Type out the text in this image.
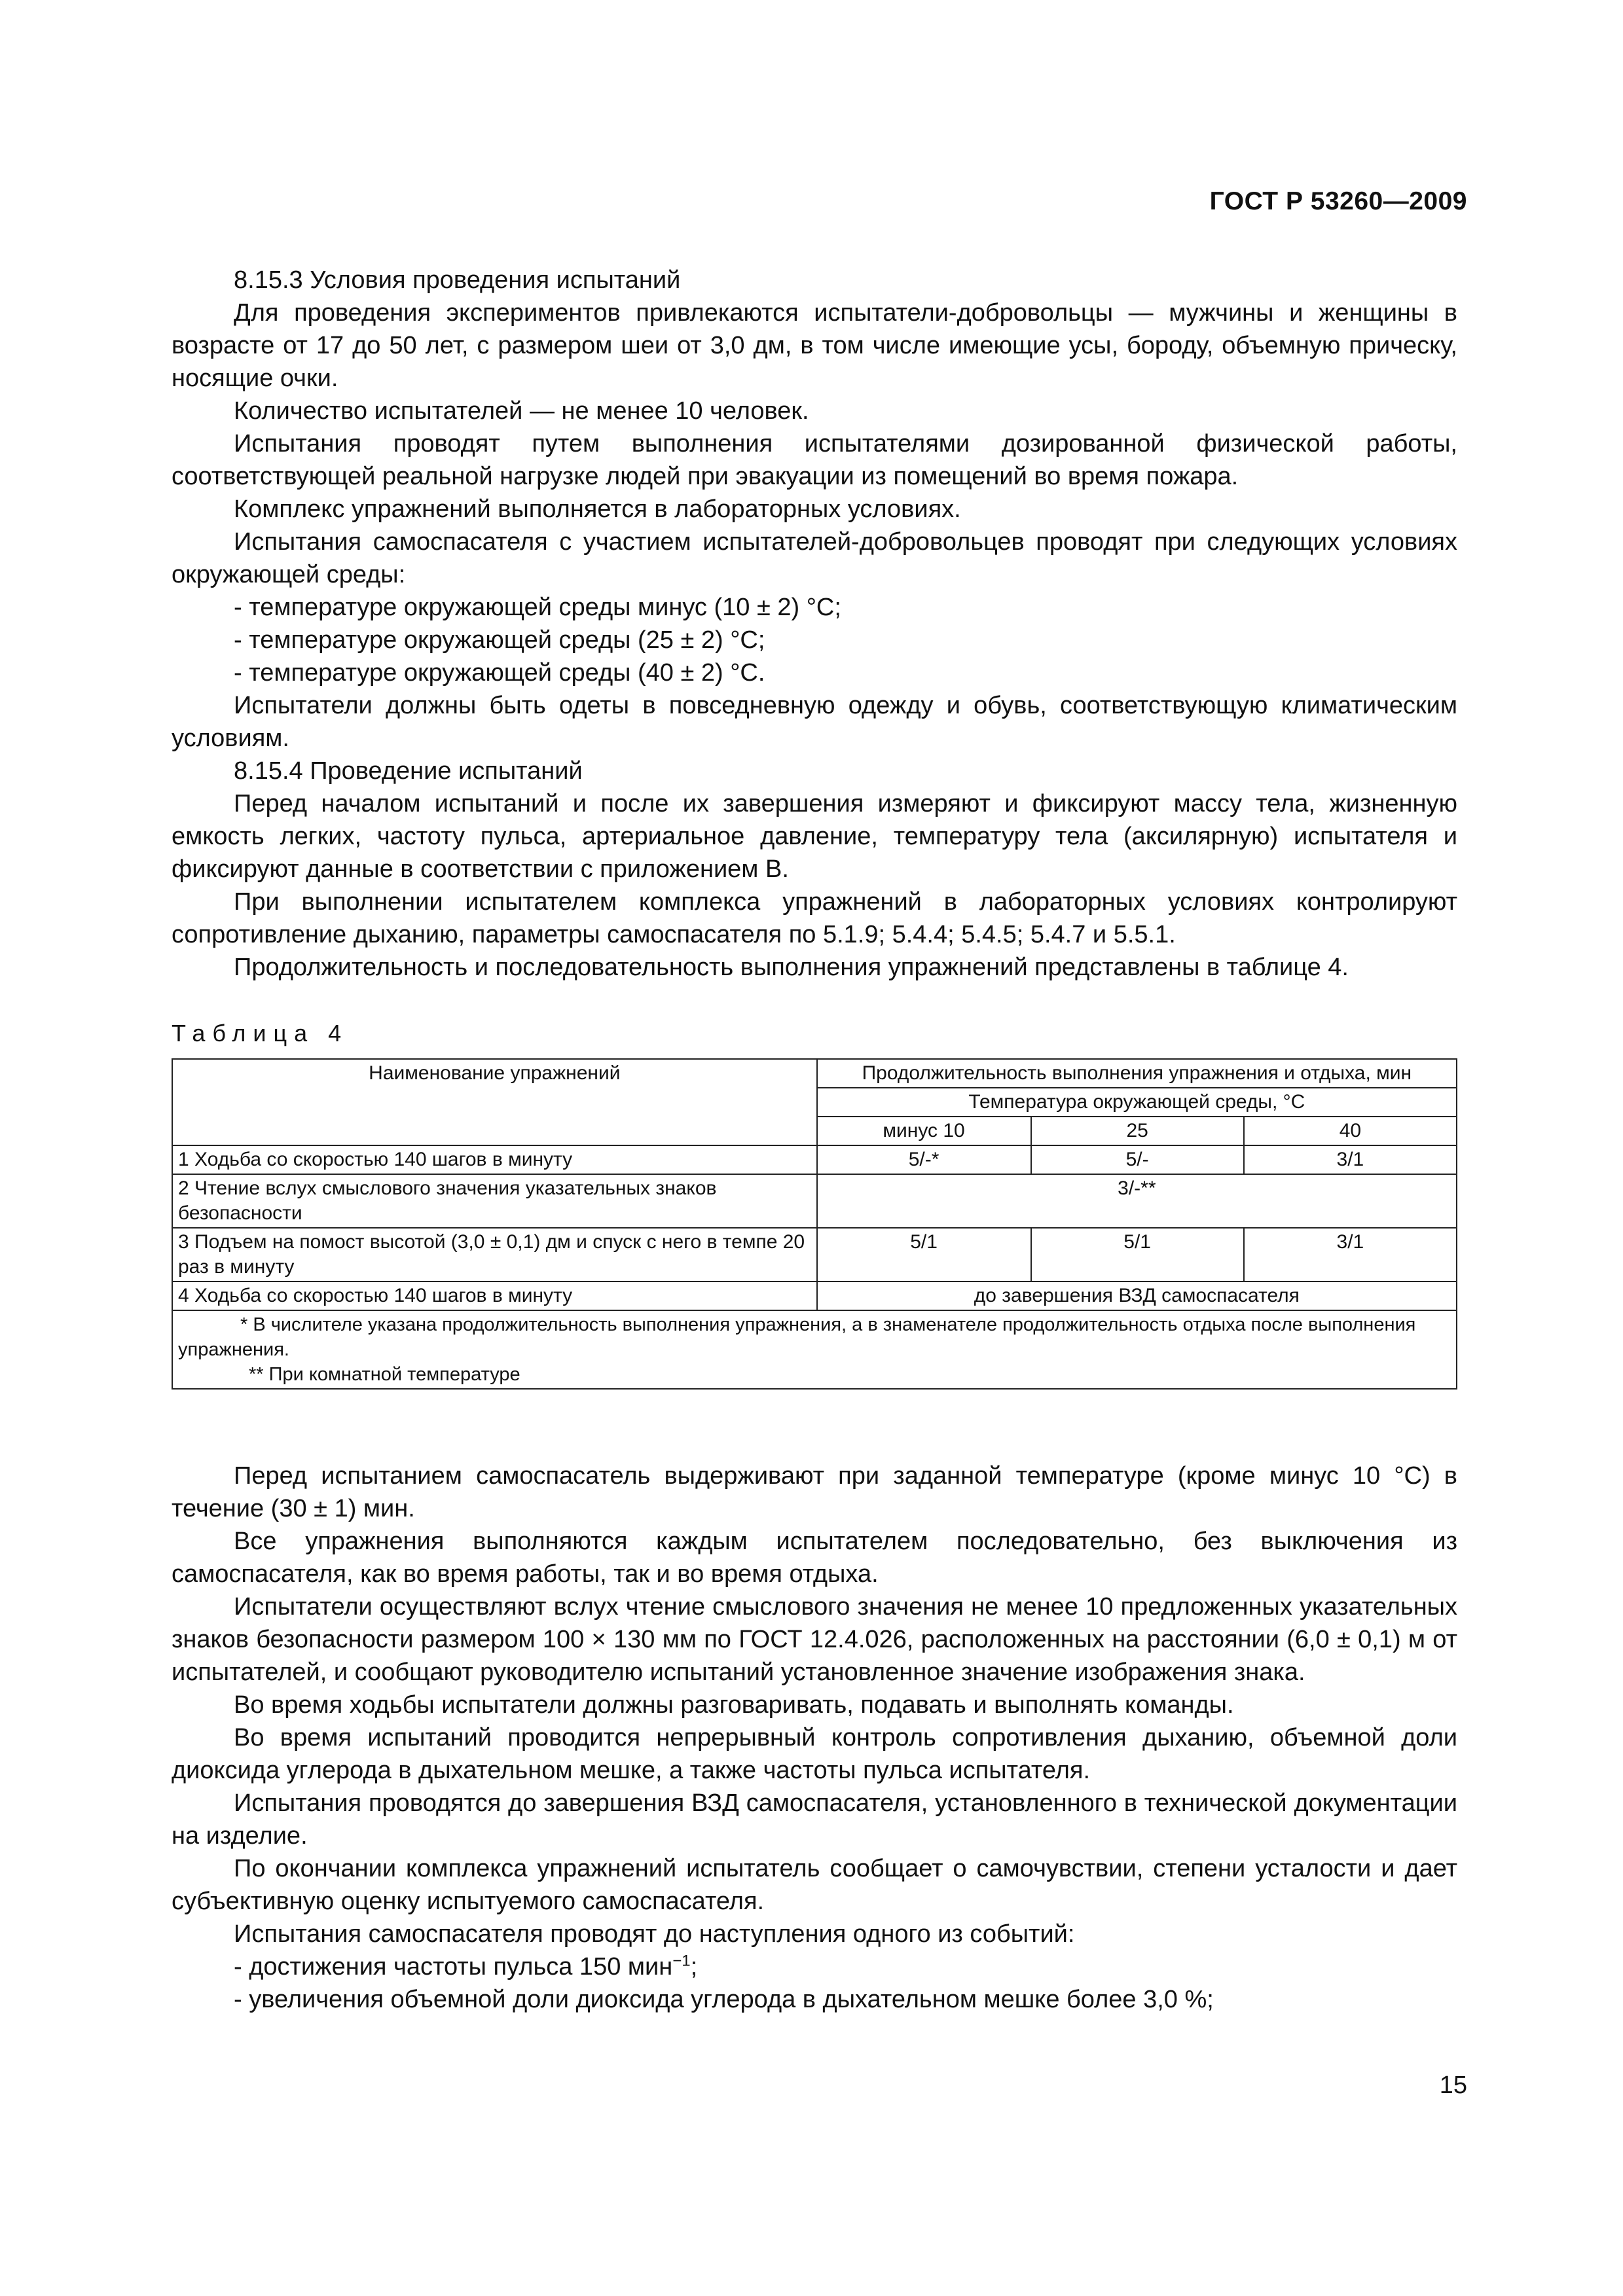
ГОСТ Р 53260—2009

8.15.3 Условия проведения испытаний

Для проведения экспериментов привлекаются испытатели-добровольцы — мужчины и женщины в возрасте от 17 до 50 лет, с размером шеи от 3,0 дм, в том числе имеющие усы, бороду, объемную прическу, носящие очки.

Количество испытателей — не менее 10 человек.

Испытания проводят путем выполнения испытателями дозированной физической работы, соответствующей реальной нагрузке людей при эвакуации из помещений во время пожара.

Комплекс упражнений выполняется в лабораторных условиях.

Испытания самоспасателя с участием испытателей-добровольцев проводят при следующих условиях окружающей среды:

- температуре окружающей среды минус (10 ± 2) °С;

- температуре окружающей среды (25 ± 2) °С;

- температуре окружающей среды (40 ± 2) °С.

Испытатели должны быть одеты в повседневную одежду и обувь, соответствующую климатическим условиям.

8.15.4 Проведение испытаний

Перед началом испытаний и после их завершения измеряют и фиксируют массу тела, жизненную емкость легких, частоту пульса, артериальное давление, температуру тела (аксилярную) испытателя и фиксируют данные в соответствии с приложением В.

При выполнении испытателем комплекса упражнений в лабораторных условиях контролируют сопротивление дыханию, параметры самоспасателя по 5.1.9; 5.4.4; 5.4.5; 5.4.7 и 5.5.1.

Продолжительность и последовательность выполнения упражнений представлены в таблице 4.

Таблица 4
Наименование упражнений	Продолжительность выполнения упражнения и отдыха, мин		
	Температура окружающей среды, °С		
	минус 10	25	40
1 Ходьба со скоростью 140 шагов в минуту	5/-*	5/-	3/1
2 Чтение вслух смыслового значения указательных знаков безопасности	3/-**		
3 Подъем на помост высотой (3,0 ± 0,1) дм и спуск с него в темпе 20 раз в минуту	5/1	5/1	3/1
4 Ходьба со скоростью 140 шагов в минуту	до завершения ВЗД самоспасателя		

* В числителе указана продолжительность выполнения упражнения, а в знаменателе продолжительность отдыха после выполнения упражнения.
** При комнатной температуре			

Перед испытанием самоспасатель выдерживают при заданной температуре (кроме минус 10 °С) в течение (30 ± 1) мин.

Все упражнения выполняются каждым испытателем последовательно, без выключения из самоспасателя, как во время работы, так и во время отдыха.

Испытатели осуществляют вслух чтение смыслового значения не менее 10 предложенных указательных знаков безопасности размером 100 × 130 мм по ГОСТ 12.4.026, расположенных на расстоянии (6,0 ± 0,1) м от испытателей, и сообщают руководителю испытаний установленное значение изображения знака.

Во время ходьбы испытатели должны разговаривать, подавать и выполнять команды.

Во время испытаний проводится непрерывный контроль сопротивления дыханию, объемной доли диоксида углерода в дыхательном мешке, а также частоты пульса испытателя.

Испытания проводятся до завершения ВЗД самоспасателя, установленного в технической документации на изделие.

По окончании комплекса упражнений испытатель сообщает о самочувствии, степени усталости и дает субъективную оценку испытуемого самоспасателя.

Испытания самоспасателя проводят до наступления одного из событий:

- достижения частоты пульса 150 мин$^{-1}$;

- увеличения объемной доли диоксида углерода в дыхательном мешке более 3,0 %;

15
